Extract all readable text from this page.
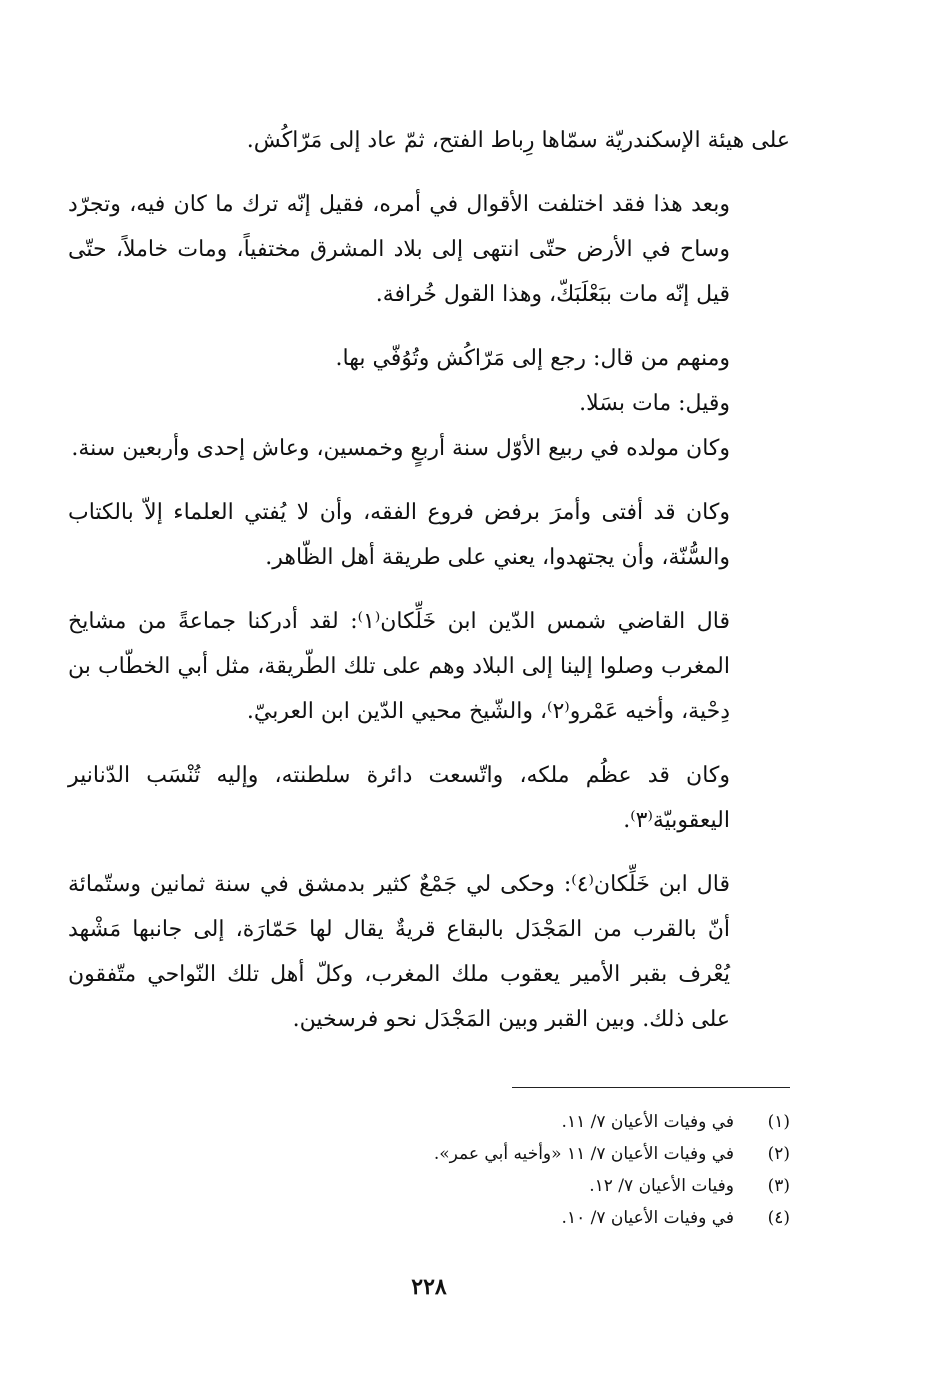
على هيئة الإسكندريّة سمّاها رِباط الفتح، ثمّ عاد إلى مَرّاكُش.

وبعد هذا فقد اختلفت الأقوال في أمره، فقيل إنّه ترك ما كان فيه، وتجرّد وساح في الأرض حتّى انتهى إلى بلاد المشرق مختفياً، ومات خاملاً، حتّى قيل إنّه مات ببَعْلَبَكّ، وهذا القول خُرافة.

ومنهم من قال: رجع إلى مَرّاكُش وتُوُفّي بها.

وقيل: مات بسَلا.

وكان مولده في ربيع الأوّل سنة أربعٍ وخمسين، وعاش إحدى وأربعين سنة.

وكان قد أفتى وأمرَ برفض فروع الفقه، وأن لا يُفتي العلماء إلاّ بالكتاب والسُّنّة، وأن يجتهدوا، يعني على طريقة أهل الظّاهر.

قال القاضي شمس الدّين ابن خَلِّكان⁽١⁾: لقد أدركنا جماعةً من مشايخ المغرب وصلوا إلينا إلى البلاد وهم على تلك الطّريقة، مثل أبي الخطّاب بن دِحْية، وأخيه عَمْرو⁽٢⁾، والشّيخ محيي الدّين ابن العربيّ.

وكان قد عظُم ملكه، واتّسعت دائرة سلطنته، وإليه تُنْسَب الدّنانير اليعقوبيّة⁽٣⁾.

قال ابن خَلِّكان⁽٤⁾: وحكى لي جَمْعٌ كثير بدمشق في سنة ثمانين وستّمائة أنّ بالقرب من المَجْدَل بالبقاع قريةٌ يقال لها حَمّارَة، إلى جانبها مَشْهد يُعْرف بقبر الأمير يعقوب ملك المغرب، وكلّ أهل تلك النّواحي متّفقون على ذلك. وبين القبر وبين المَجْدَل نحو فرسخين.

(١)
في وفيات الأعيان ٧/ ١١.
(٢)
في وفيات الأعيان ٧/ ١١ «وأخيه أبي عمر».
(٣)
وفيات الأعيان ٧/ ١٢.
(٤)
في وفيات الأعيان ٧/ ١٠.
٢٢٨
